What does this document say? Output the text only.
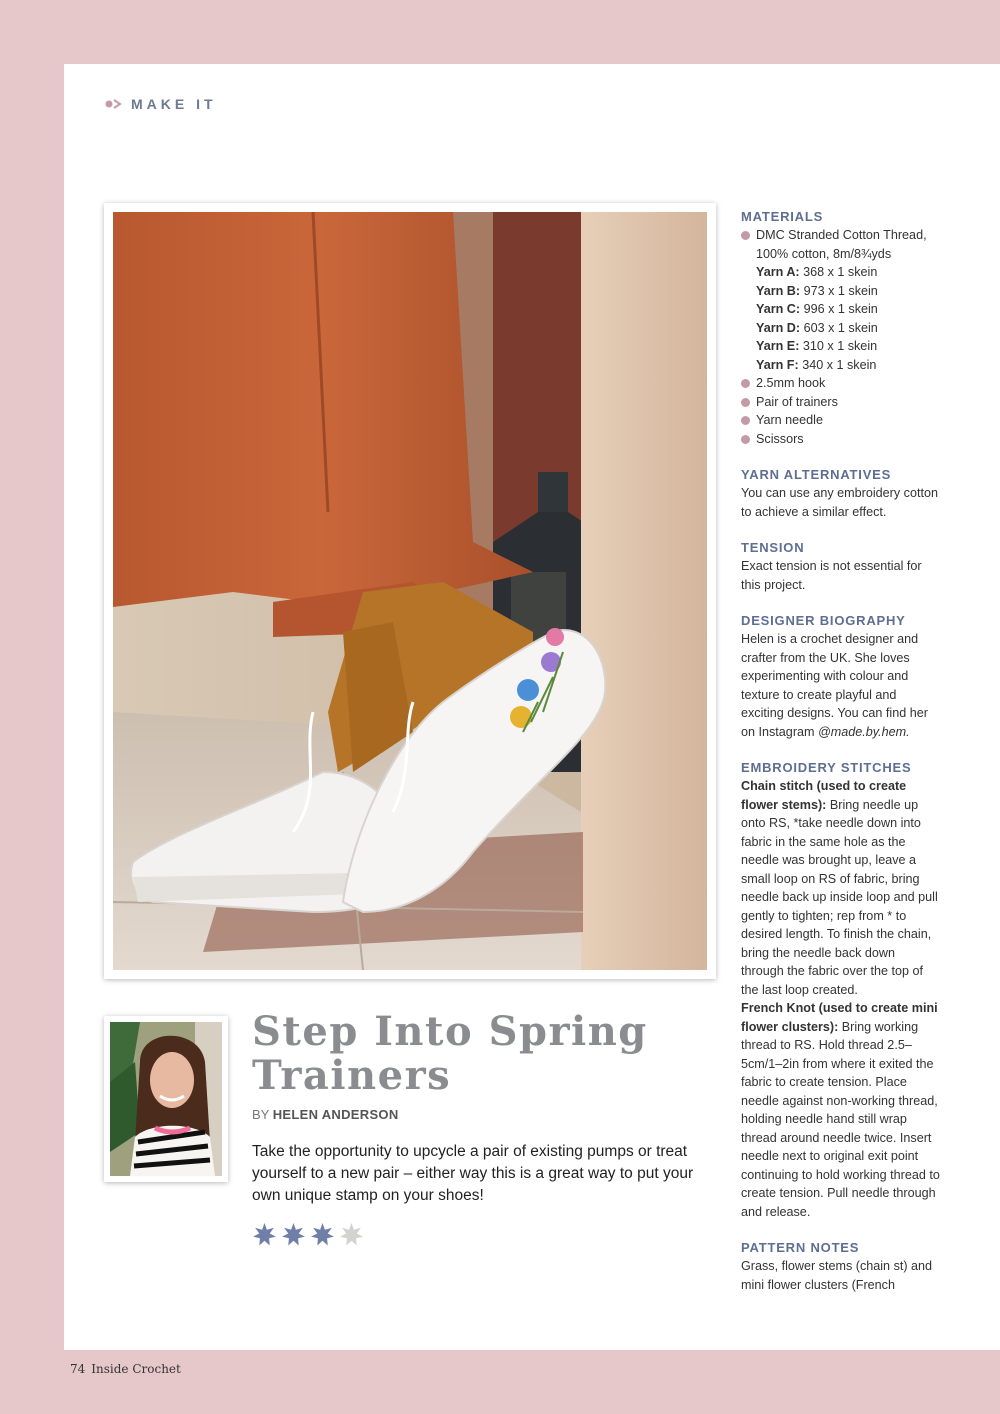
MAKE IT
Step Into Spring
Trainers
BY HELEN ANDERSON
Take the opportunity to upcycle a pair of existing pumps or treat yourself to a new pair – either way this is a great way to put your own unique stamp on your shoes!

MATERIALS

DMC Stranded Cotton Thread, 100% cotton, 8m/8¾yds
Yarn A: 368 x 1 skein
Yarn B: 973 x 1 skein
Yarn C: 996 x 1 skein
Yarn D: 603 x 1 skein
Yarn E: 310 x 1 skein
Yarn F: 340 x 1 skein
2.5mm hook
Pair of trainers
Yarn needle
Scissors

YARN ALTERNATIVES

You can use any embroidery cotton to achieve a similar effect.

TENSION

Exact tension is not essential for this project.

DESIGNER BIOGRAPHY

Helen is a crochet designer and crafter from the UK. She loves experimenting with colour and texture to create playful and exciting designs. You can find her on Instagram @made.by.hem.

EMBROIDERY STITCHES

Chain stitch (used to create flower stems): Bring needle up onto RS, *take needle down into fabric in the same hole as the needle was brought up, leave a small loop on RS of fabric, bring needle back up inside loop and pull gently to tighten; rep from * to desired length. To finish the chain, bring the needle back down through the fabric over the top of the last loop created.

French Knot (used to create mini flower clusters): Bring working thread to RS. Hold thread 2.5–5cm/1–2in from where it exited the fabric to create tension. Place needle against non-working thread, holding needle hand still wrap thread around needle twice. Insert needle next to original exit point continuing to hold working thread to create tension. Pull needle through and release.

PATTERN NOTES

Grass, flower stems (chain st) and mini flower clusters (French

74 Inside Crochet
